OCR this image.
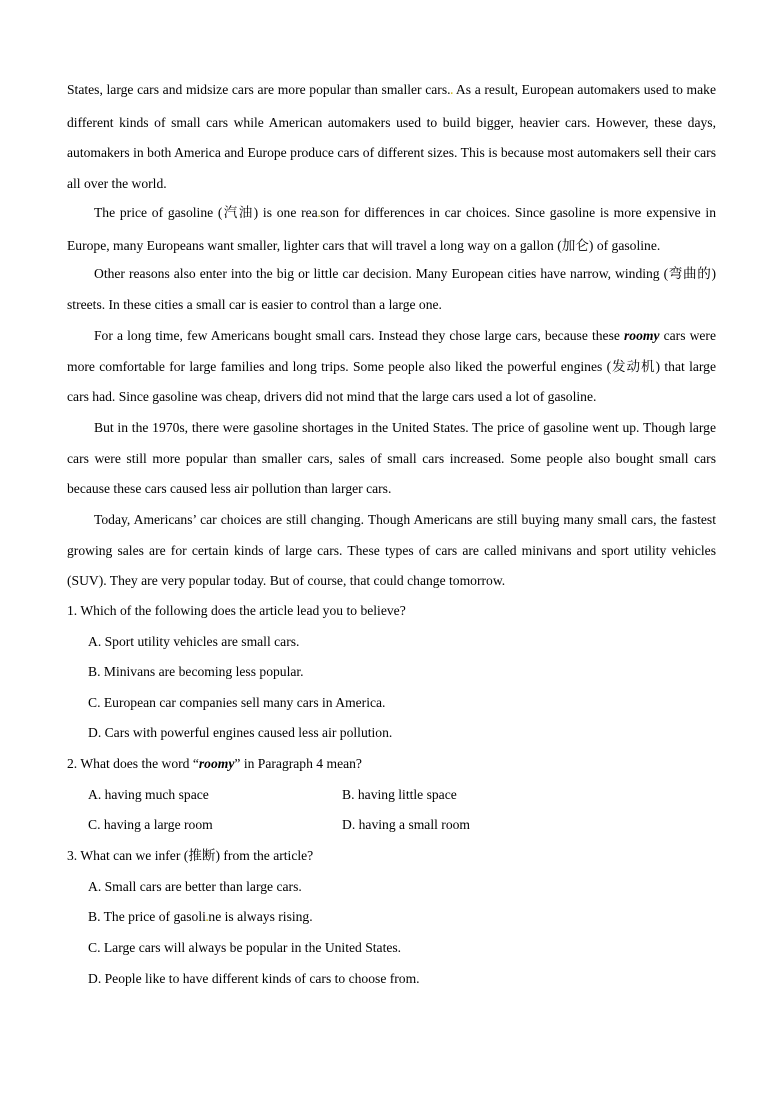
States, large cars and midsize cars are more popular than smaller cars.. As a result, European automakers used to make different kinds of small cars while American automakers used to build bigger, heavier cars. However, these days, automakers in both America and Europe produce cars of different sizes. This is because most automakers sell their cars all over the world.

The price of gasoline (汽油) is one rea.son for differences in car choices. Since gasoline is more expensive in Europe, many Europeans want smaller, lighter cars that will travel a long way on a gallon (加仑) of gasoline.

Other reasons also enter into the big or little car decision. Many European cities have narrow, winding (弯曲的) streets. In these cities a small car is easier to control than a large one.

For a long time, few Americans bought small cars. Instead they chose large cars, because these roomy cars were more comfortable for large families and long trips. Some people also liked the powerful engines (发动机) that large cars had. Since gasoline was cheap, drivers did not mind that the large cars used a lot of gasoline.

But in the 1970s, there were gasoline shortages in the United States. The price of gasoline went up. Though large cars were still more popular than smaller cars, sales of small cars increased. Some people also bought small cars because these cars caused less air pollution than larger cars.

Today, Americans’ car choices are still changing. Though Americans are still buying many small cars, the fastest growing sales are for certain kinds of large cars. These types of cars are called minivans and sport utility vehicles (SUV). They are very popular today. But of course, that could change tomorrow.

1. Which of the following does the article lead you to believe?
A. Sport utility vehicles are small cars.
B. Minivans are becoming less popular.
C. European car companies sell many cars in America.
D. Cars with powerful engines caused less air pollution.
2. What does the word “roomy” in Paragraph 4 mean?
A. having much space	B. having little space
C. having a large room	D. having a small room
3. What can we infer (推断) from the article?
A. Small cars are better than large cars.
B. The price of gasoli.ne is always rising.
C. Large cars will always be popular in the United States.
D. People like to have different kinds of cars to choose from.
